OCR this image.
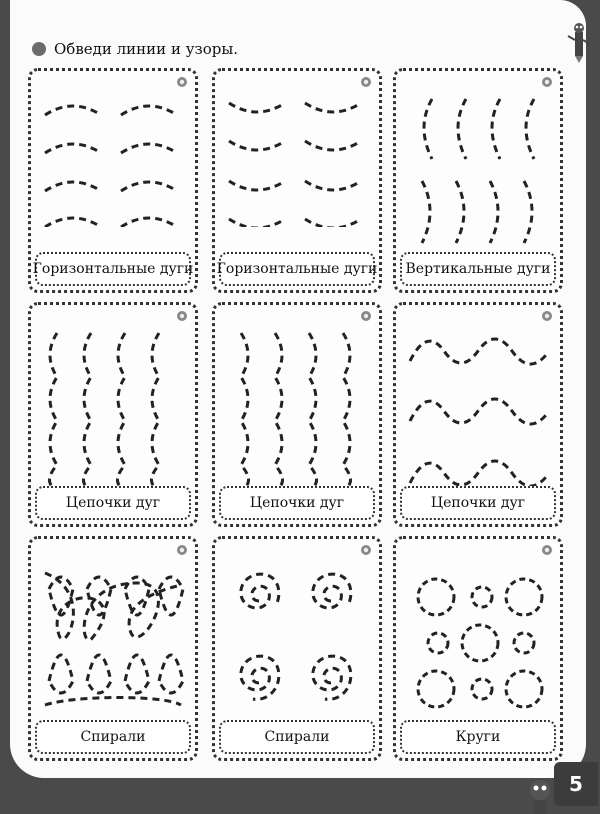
Обведи линии и узоры.
Горизонтальные дуги Горизонтальные дуги	Вертикальные дуги
Цепочки дуг	Цепочки дуг	Цепочки дуг
Спирали	Спирали	Круги
5
